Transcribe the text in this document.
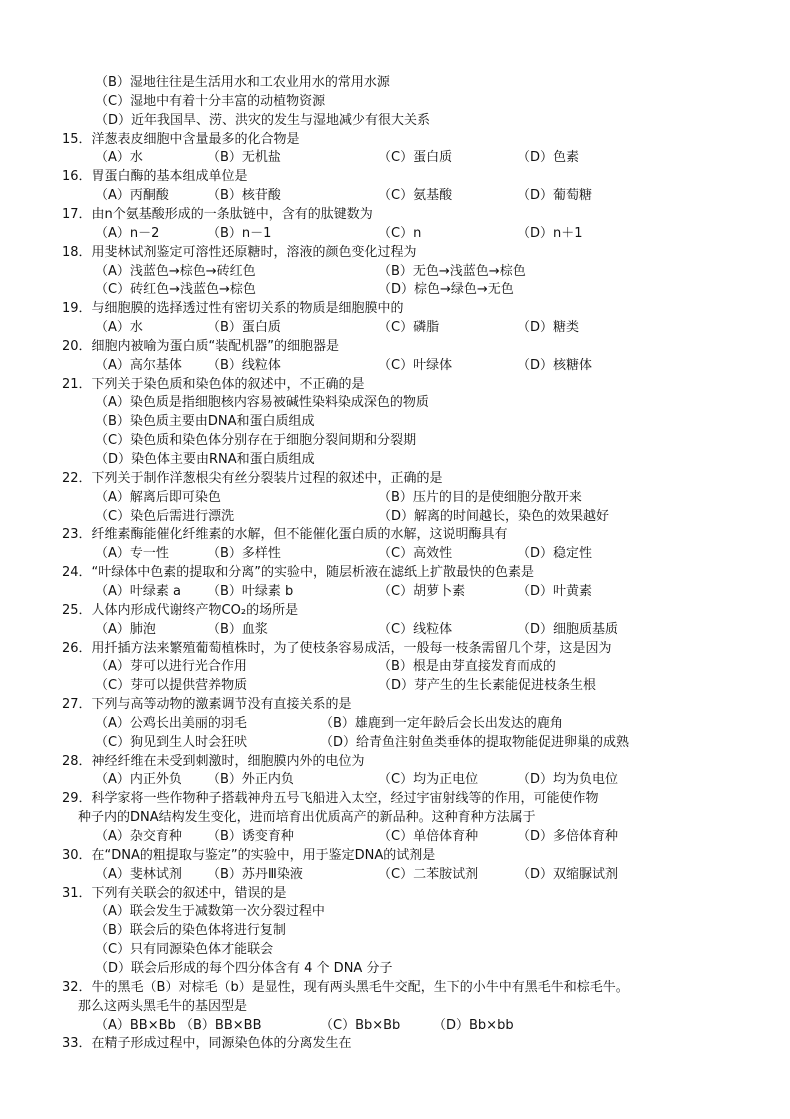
（B）湿地往往是生活用水和工农业用水的常用水源
（C）湿地中有着十分丰富的动植物资源
（D）近年我国旱、涝、洪灾的发生与湿地减少有很大关系
15．洋葱表皮细胞中含量最多的化合物是
（A）水	（B）无机盐	（C）蛋白质	（D）色素
16．胃蛋白酶的基本组成单位是
（A）丙酮酸	（B）核苷酸	（C）氨基酸	（D）葡萄糖
17．由n个氨基酸形成的一条肽链中，含有的肽键数为
（A）n－2	（B）n－1	（C）n	（D）n＋1
18．用斐林试剂鉴定可溶性还原糖时，溶液的颜色变化过程为
（A）浅蓝色→棕色→砖红色	（B）无色→浅蓝色→棕色
（C）砖红色→浅蓝色→棕色	（D）棕色→绿色→无色
19．与细胞膜的选择透过性有密切关系的物质是细胞膜中的
（A）水	（B）蛋白质	（C）磷脂	（D）糖类
20．细胞内被喻为蛋白质“装配机器”的细胞器是
（A）高尔基体 （B）线粒体	（C）叶绿体	（D）核糖体
21．下列关于染色质和染色体的叙述中，不正确的是
（A）染色质是指细胞核内容易被碱性染料染成深色的物质
（B）染色质主要由DNA和蛋白质组成
（C）染色质和染色体分别存在于细胞分裂间期和分裂期
（D）染色体主要由RNA和蛋白质组成
22．下列关于制作洋葱根尖有丝分裂装片过程的叙述中，正确的是
（A）解离后即可染色	（B）压片的目的是使细胞分散开来
（C）染色后需进行漂洗	（D）解离的时间越长，染色的效果越好
23．纤维素酶能催化纤维素的水解，但不能催化蛋白质的水解，这说明酶具有
（A）专一性	（B）多样性	（C）高效性	（D）稳定性
24．“叶绿体中色素的提取和分离”的实验中，随层析液在滤纸上扩散最快的色素是
（A）叶绿素 a （B）叶绿素 b	（C）胡萝卜素	（D）叶黄素
25．人体内形成代谢终产物CO₂的场所是
（A）肺泡	（B）血浆	（C）线粒体	（D）细胞质基质
26．用扦插方法来繁殖葡萄植株时，为了使枝条容易成活，一般每一枝条需留几个芽，这是因为
（A）芽可以进行光合作用	（B）根是由芽直接发育而成的
（C）芽可以提供营养物质	（D）芽产生的生长素能促进枝条生根
27．下列与高等动物的激素调节没有直接关系的是
（A）公鸡长出美丽的羽毛	（B）雄鹿到一定年龄后会长出发达的鹿角
（C）狗见到生人时会狂吠	（D）给青鱼注射鱼类垂体的提取物能促进卵巢的成熟
28．神经纤维在未受到刺激时，细胞膜内外的电位为
（A）内正外负 （B）外正内负	（C）均为正电位	（D）均为负电位
29．科学家将一些作物种子搭载神舟五号飞船进入太空，经过宇宙射线等的作用，可能使作物
种子内的DNA结构发生变化，进而培育出优质高产的新品种。这种育种方法属于
（A）杂交育种 （B）诱变育种	（C）单倍体育种	（D）多倍体育种
30．在“DNA的粗提取与鉴定”的实验中，用于鉴定DNA的试剂是
（A）斐林试剂 （B）苏丹Ⅲ染液	（C）二苯胺试剂	（D）双缩脲试剂
31．下列有关联会的叙述中，错误的是
（A）联会发生于减数第一次分裂过程中
（B）联会后的染色体将进行复制
（C）只有同源染色体才能联会
（D）联会后形成的每个四分体含有 4 个 DNA 分子
32．牛的黑毛（B）对棕毛（b）是显性，现有两头黑毛牛交配，生下的小牛中有黑毛牛和棕毛牛。
那么这两头黑毛牛的基因型是
（A）BB×Bb （B）BB×BB	（C）Bb×Bb	（D）Bb×bb
33．在精子形成过程中，同源染色体的分离发生在
